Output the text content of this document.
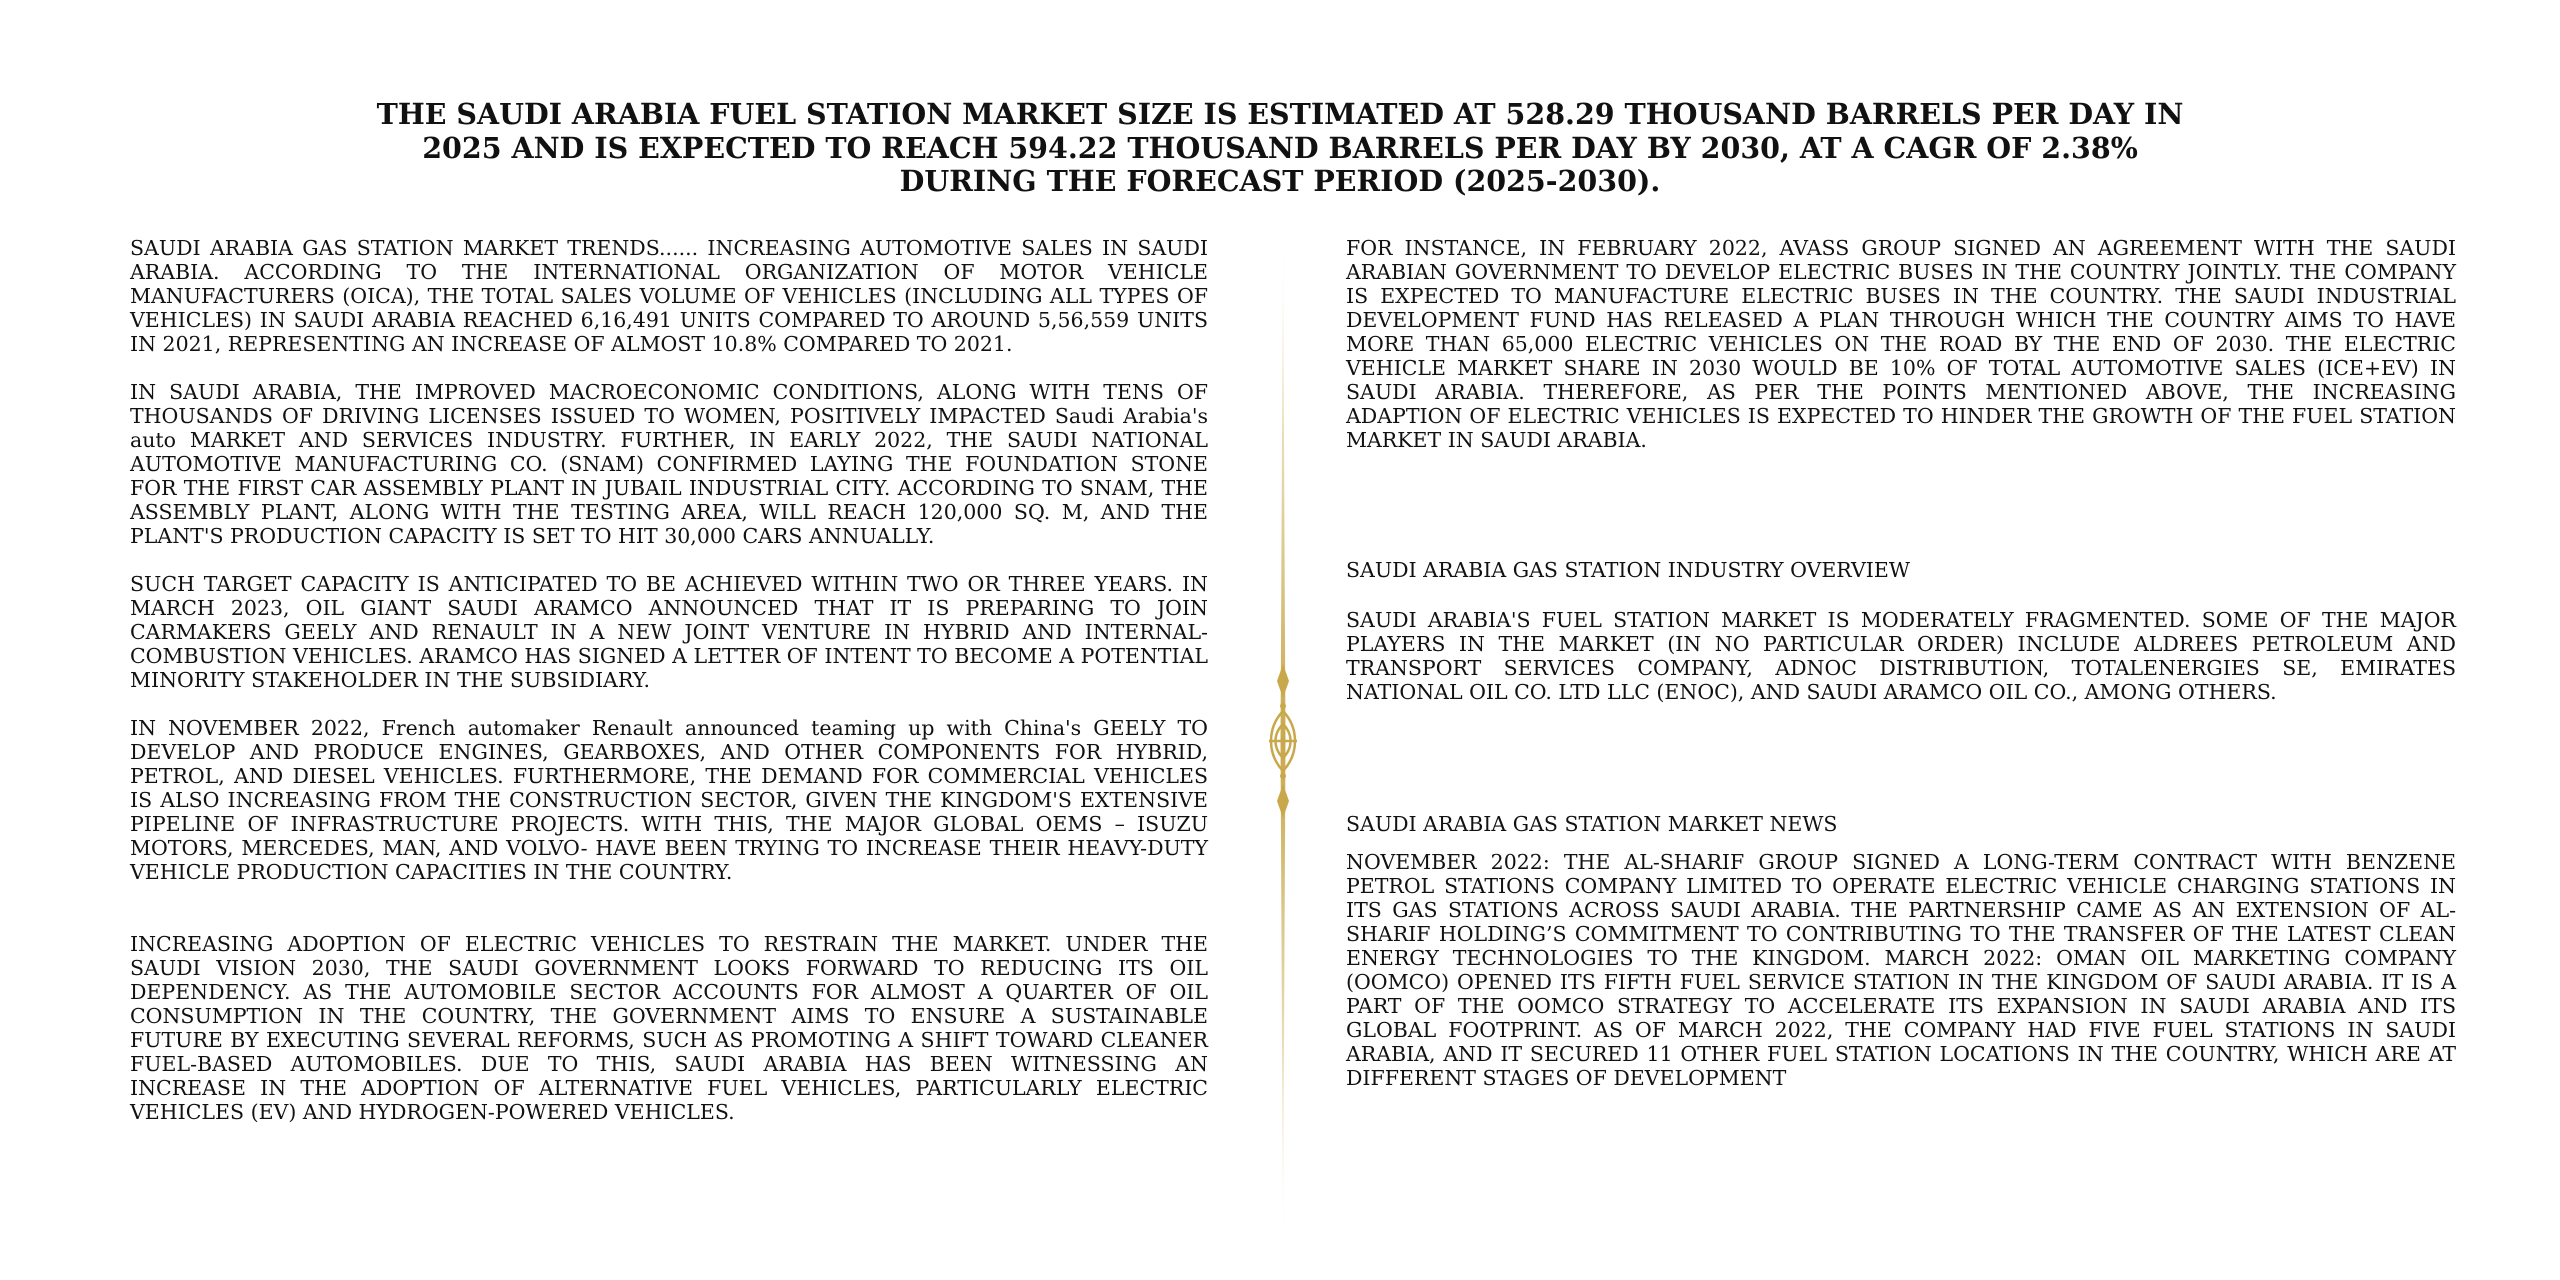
THE SAUDI ARABIA FUEL STATION MARKET SIZE IS ESTIMATED AT 528.29 THOUSAND BARRELS PER DAY IN
2025 AND IS EXPECTED TO REACH 594.22 THOUSAND BARRELS PER DAY BY 2030, AT A CAGR OF 2.38%
DURING THE FORECAST PERIOD (2025-2030).

SAUDI ARABIA GAS STATION MARKET TRENDS...... INCREASING AUTOMOTIVE SALES IN SAUDI ARABIA. ACCORDING TO THE INTERNATIONAL ORGANIZATION OF MOTOR VEHICLE MANUFACTURERS (OICA), THE TOTAL SALES VOLUME OF VEHICLES (INCLUDING ALL TYPES OF VEHICLES) IN SAUDI ARABIA REACHED 6,16,491 UNITS COMPARED TO AROUND 5,56,559 UNITS IN 2021, REPRESENTING AN INCREASE OF ALMOST 10.8% COMPARED TO 2021.

IN SAUDI ARABIA, THE IMPROVED MACROECONOMIC CONDITIONS, ALONG WITH TENS OF THOUSANDS OF DRIVING LICENSES ISSUED TO WOMEN, POSITIVELY IMPACTED Saudi Arabia's auto MARKET AND SERVICES INDUSTRY. FURTHER, IN EARLY 2022, THE SAUDI NATIONAL AUTOMOTIVE MANUFACTURING CO. (SNAM) CONFIRMED LAYING THE FOUNDATION STONE FOR THE FIRST CAR ASSEMBLY PLANT IN JUBAIL INDUSTRIAL CITY. ACCORDING TO SNAM, THE ASSEMBLY PLANT, ALONG WITH THE TESTING AREA, WILL REACH 120,000 SQ. M, AND THE PLANT'S PRODUCTION CAPACITY IS SET TO HIT 30,000 CARS ANNUALLY.

SUCH TARGET CAPACITY IS ANTICIPATED TO BE ACHIEVED WITHIN TWO OR THREE YEARS. IN MARCH 2023, OIL GIANT SAUDI ARAMCO ANNOUNCED THAT IT IS PREPARING TO JOIN CARMAKERS GEELY AND RENAULT IN A NEW JOINT VENTURE IN HYBRID AND INTERNAL-COMBUSTION VEHICLES. ARAMCO HAS SIGNED A LETTER OF INTENT TO BECOME A POTENTIAL MINORITY STAKEHOLDER IN THE SUBSIDIARY.

IN NOVEMBER 2022, French automaker Renault announced teaming up with China's GEELY TO DEVELOP AND PRODUCE ENGINES, GEARBOXES, AND OTHER COMPONENTS FOR HYBRID, PETROL, AND DIESEL VEHICLES. FURTHERMORE, THE DEMAND FOR COMMERCIAL VEHICLES IS ALSO INCREASING FROM THE CONSTRUCTION SECTOR, GIVEN THE KINGDOM'S EXTENSIVE PIPELINE OF INFRASTRUCTURE PROJECTS. WITH THIS, THE MAJOR GLOBAL OEMS – ISUZU MOTORS, MERCEDES, MAN, AND VOLVO- HAVE BEEN TRYING TO INCREASE THEIR HEAVY-DUTY VEHICLE PRODUCTION CAPACITIES IN THE COUNTRY.

INCREASING ADOPTION OF ELECTRIC VEHICLES TO RESTRAIN THE MARKET. UNDER THE SAUDI VISION 2030, THE SAUDI GOVERNMENT LOOKS FORWARD TO REDUCING ITS OIL DEPENDENCY. AS THE AUTOMOBILE SECTOR ACCOUNTS FOR ALMOST A QUARTER OF OIL CONSUMPTION IN THE COUNTRY, THE GOVERNMENT AIMS TO ENSURE A SUSTAINABLE FUTURE BY EXECUTING SEVERAL REFORMS, SUCH AS PROMOTING A SHIFT TOWARD CLEANER FUEL-BASED AUTOMOBILES. DUE TO THIS, SAUDI ARABIA HAS BEEN WITNESSING AN INCREASE IN THE ADOPTION OF ALTERNATIVE FUEL VEHICLES, PARTICULARLY ELECTRIC VEHICLES (EV) AND HYDROGEN-POWERED VEHICLES.

FOR INSTANCE, IN FEBRUARY 2022, AVASS GROUP SIGNED AN AGREEMENT WITH THE SAUDI ARABIAN GOVERNMENT TO DEVELOP ELECTRIC BUSES IN THE COUNTRY JOINTLY. THE COMPANY IS EXPECTED TO MANUFACTURE ELECTRIC BUSES IN THE COUNTRY. THE SAUDI INDUSTRIAL DEVELOPMENT FUND HAS RELEASED A PLAN THROUGH WHICH THE COUNTRY AIMS TO HAVE MORE THAN 65,000 ELECTRIC VEHICLES ON THE ROAD BY THE END OF 2030. THE ELECTRIC VEHICLE MARKET SHARE IN 2030 WOULD BE 10% OF TOTAL AUTOMOTIVE SALES (ICE+EV) IN SAUDI ARABIA. THEREFORE, AS PER THE POINTS MENTIONED ABOVE, THE INCREASING ADAPTION OF ELECTRIC VEHICLES IS EXPECTED TO HINDER THE GROWTH OF THE FUEL STATION MARKET IN SAUDI ARABIA.

SAUDI ARABIA GAS STATION INDUSTRY OVERVIEW

SAUDI ARABIA'S FUEL STATION MARKET IS MODERATELY FRAGMENTED. SOME OF THE MAJOR PLAYERS IN THE MARKET (IN NO PARTICULAR ORDER) INCLUDE ALDREES PETROLEUM AND TRANSPORT SERVICES COMPANY, ADNOC DISTRIBUTION, TOTALENERGIES SE, EMIRATES NATIONAL OIL CO. LTD LLC (ENOC), AND SAUDI ARAMCO OIL CO., AMONG OTHERS.

SAUDI ARABIA GAS STATION MARKET NEWS

NOVEMBER 2022: THE AL-SHARIF GROUP SIGNED A LONG-TERM CONTRACT WITH BENZENE PETROL STATIONS COMPANY LIMITED TO OPERATE ELECTRIC VEHICLE CHARGING STATIONS IN ITS GAS STATIONS ACROSS SAUDI ARABIA. THE PARTNERSHIP CAME AS AN EXTENSION OF AL-SHARIF HOLDING’S COMMITMENT TO CONTRIBUTING TO THE TRANSFER OF THE LATEST CLEAN ENERGY TECHNOLOGIES TO THE KINGDOM. MARCH 2022: OMAN OIL MARKETING COMPANY (OOMCO) OPENED ITS FIFTH FUEL SERVICE STATION IN THE KINGDOM OF SAUDI ARABIA. IT IS A PART OF THE OOMCO STRATEGY TO ACCELERATE ITS EXPANSION IN SAUDI ARABIA AND ITS GLOBAL FOOTPRINT. AS OF MARCH 2022, THE COMPANY HAD FIVE FUEL STATIONS IN SAUDI ARABIA, AND IT SECURED 11 OTHER FUEL STATION LOCATIONS IN THE COUNTRY, WHICH ARE AT DIFFERENT STAGES OF DEVELOPMENT
